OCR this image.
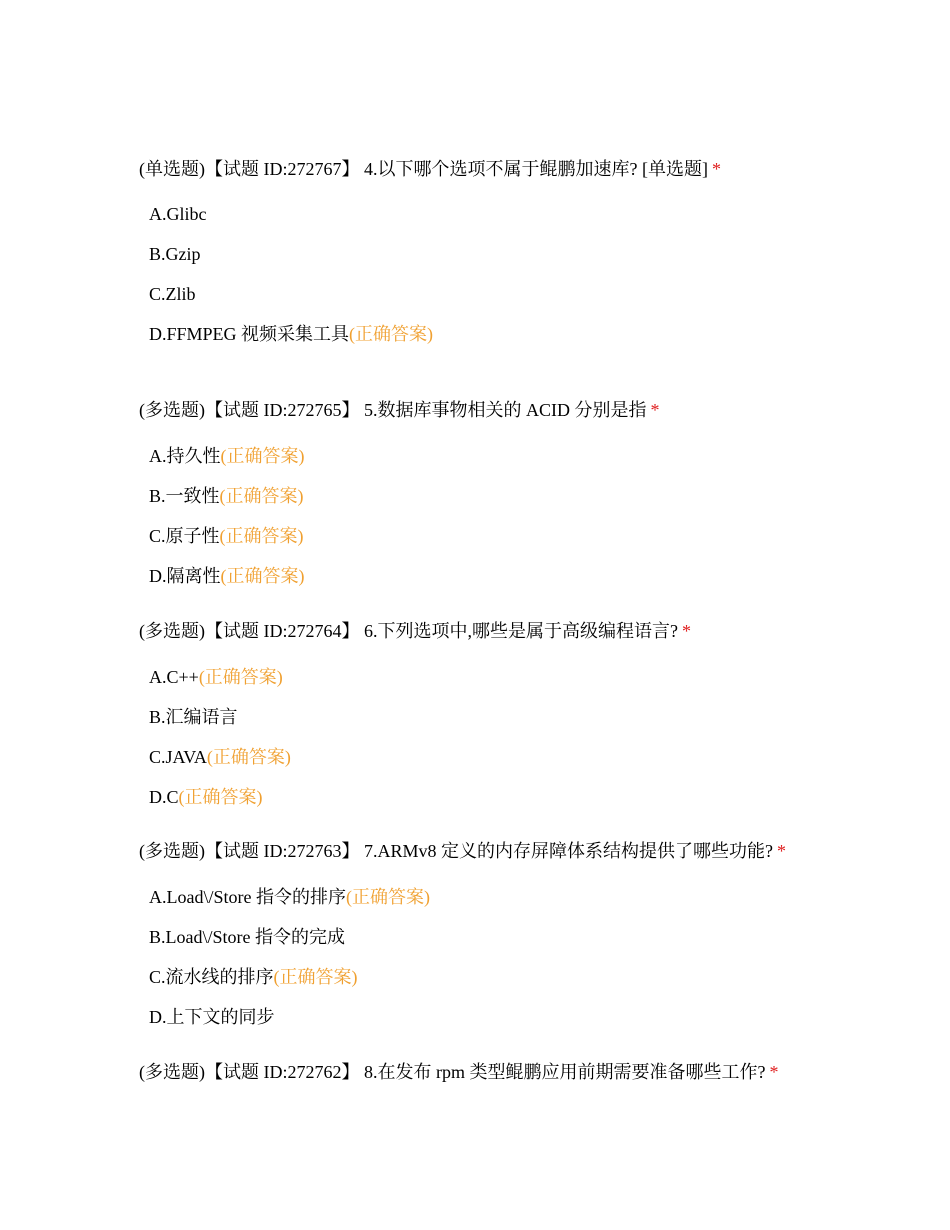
(单选题)【试题 ID:272767】 4.以下哪个选项不属于鲲鹏加速库? [单选题] *
A.Glibc
B.Gzip
C.Zlib
D.FFMPEG 视频采集工具(正确答案)
(多选题)【试题 ID:272765】 5.数据库事物相关的 ACID 分别是指 *
A.持久性(正确答案)
B.一致性(正确答案)
C.原子性(正确答案)
D.隔离性(正确答案)
(多选题)【试题 ID:272764】 6.下列选项中,哪些是属于高级编程语言? *
A.C++(正确答案)
B.汇编语言
C.JAVA(正确答案)
D.C(正确答案)
(多选题)【试题 ID:272763】 7.ARMv8 定义的内存屏障体系结构提供了哪些功能? *
A.Load\/Store 指令的排序(正确答案)
B.Load\/Store 指令的完成
C.流水线的排序(正确答案)
D.上下文的同步
(多选题)【试题 ID:272762】 8.在发布 rpm 类型鲲鹏应用前期需要准备哪些工作? *
